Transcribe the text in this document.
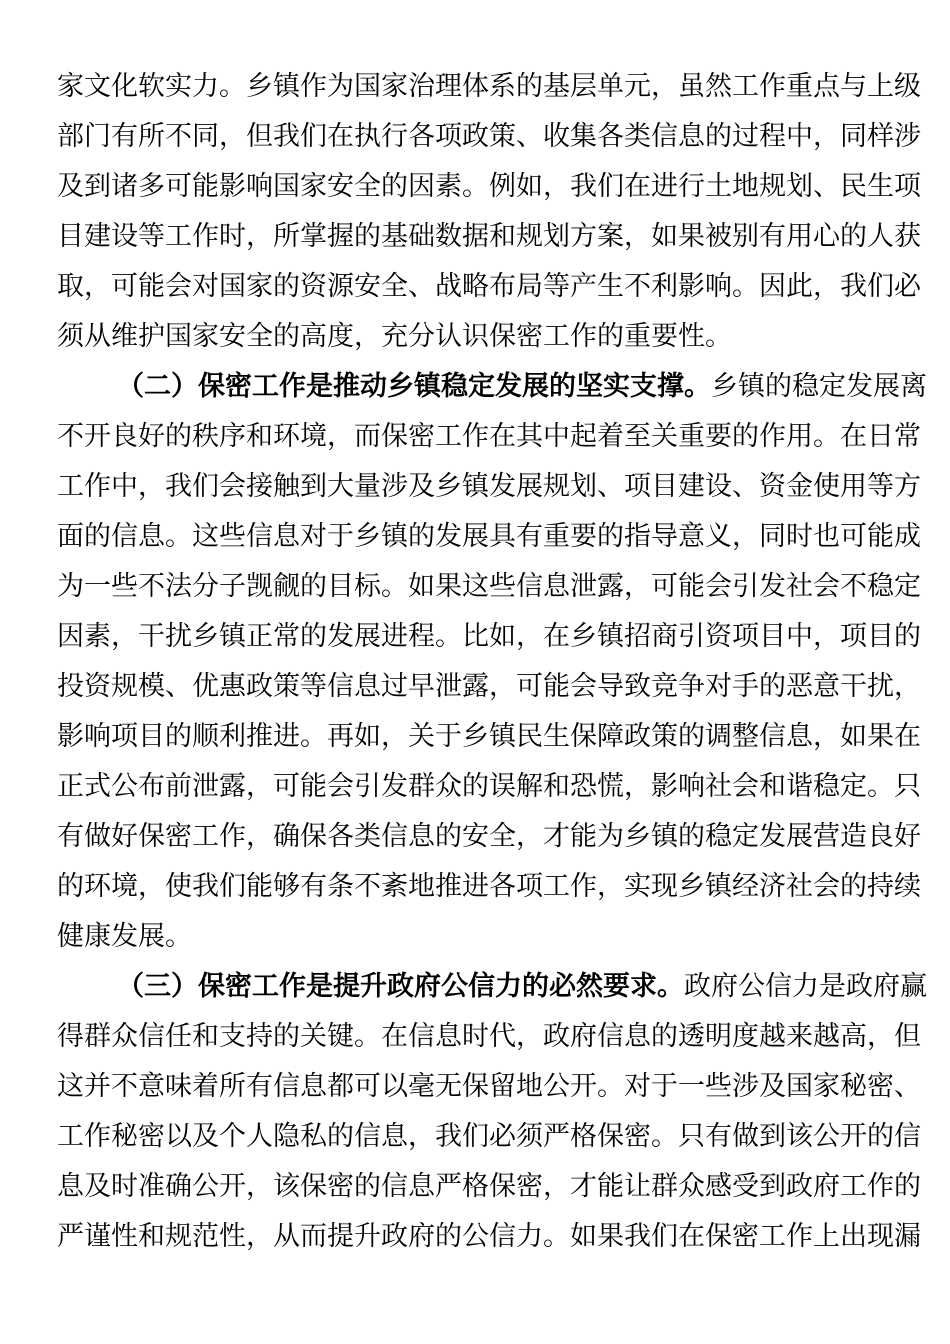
家文化软实力。乡镇作为国家治理体系的基层单元，虽然工作重点与上级
部门有所不同，但我们在执行各项政策、收集各类信息的过程中，同样涉
及到诸多可能影响国家安全的因素。例如，我们在进行土地规划、民生项
目建设等工作时，所掌握的基础数据和规划方案，如果被别有用心的人获
取，可能会对国家的资源安全、战略布局等产生不利影响。因此，我们必
须从维护国家安全的高度，充分认识保密工作的重要性。
（二）保密工作是推动乡镇稳定发展的坚实支撑。乡镇的稳定发展离
不开良好的秩序和环境，而保密工作在其中起着至关重要的作用。在日常
工作中，我们会接触到大量涉及乡镇发展规划、项目建设、资金使用等方
面的信息。这些信息对于乡镇的发展具有重要的指导意义，同时也可能成
为一些不法分子觊觎的目标。如果这些信息泄露，可能会引发社会不稳定
因素，干扰乡镇正常的发展进程。比如，在乡镇招商引资项目中，项目的
投资规模、优惠政策等信息过早泄露，可能会导致竞争对手的恶意干扰，
影响项目的顺利推进。再如，关于乡镇民生保障政策的调整信息，如果在
正式公布前泄露，可能会引发群众的误解和恐慌，影响社会和谐稳定。只
有做好保密工作，确保各类信息的安全，才能为乡镇的稳定发展营造良好
的环境，使我们能够有条不紊地推进各项工作，实现乡镇经济社会的持续
健康发展。
（三）保密工作是提升政府公信力的必然要求。政府公信力是政府赢
得群众信任和支持的关键。在信息时代，政府信息的透明度越来越高，但
这并不意味着所有信息都可以毫无保留地公开。对于一些涉及国家秘密、
工作秘密以及个人隐私的信息，我们必须严格保密。只有做到该公开的信
息及时准确公开，该保密的信息严格保密，才能让群众感受到政府工作的
严谨性和规范性，从而提升政府的公信力。如果我们在保密工作上出现漏
